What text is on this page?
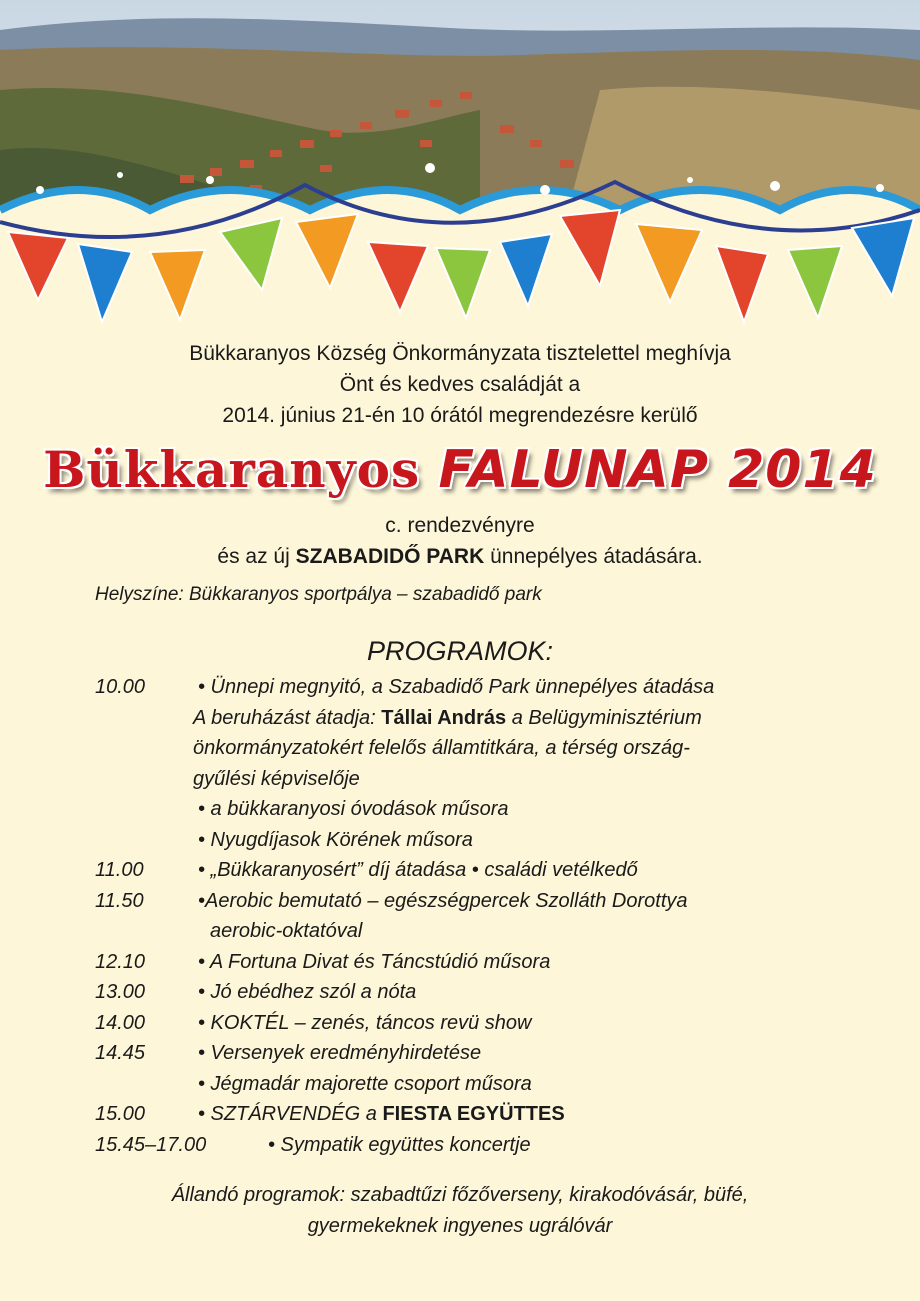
Bükkaranyos Község Önkormányzata tisztelettel meghívja
Önt és kedves családját a
2014. június 21-én 10 órától megrendezésre kerülő
Bükkaranyos FALUNAP 2014
c. rendezvényre
és az új SZABADIDŐ PARK ünnepélyes átadására.
Helyszíne: Bükkaranyos sportpálya – szabadidő park
PROGRAMOK:
10.00	• Ünnepi megnyitó, a Szabadidő Park ünnepélyes átadása
A beruházást átadja: Tállai András a Belügyminisztérium
önkormányzatokért felelős államtitkára, a térség ország-
gyűlési képviselője
• a bükkaranyosi óvodások műsora
• Nyugdíjasok Körének műsora
11.00	• „Bükkaranyosért” díj átadása • családi vetélkedő
11.50	•Aerobic bemutató – egészségpercek Szolláth Dorottya
aerobic-oktatóval
12.10	• A Fortuna Divat és Táncstúdió műsora
13.00	• Jó ebédhez szól a nóta
14.00	• KOKTÉL – zenés, táncos revü show
14.45	• Versenyek eredményhirdetése
• Jégmadár majorette csoport műsora
15.00	• SZTÁRVENDÉG a FIESTA EGYÜTTES
15.45–17.00	• Sympatik együttes koncertje
Állandó programok: szabadtűzi főzőverseny, kirakodóvásár, büfé,
gyermekeknek ingyenes ugrálóvár
